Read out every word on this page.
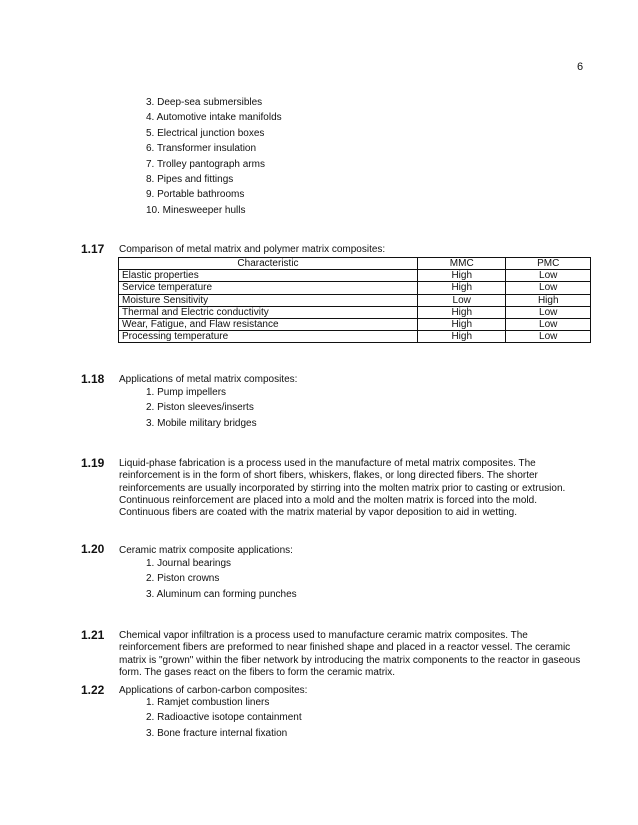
6
3. Deep-sea submersibles
4. Automotive intake manifolds
5. Electrical junction boxes
6. Transformer insulation
7. Trolley pantograph arms
8. Pipes and fittings
9. Portable bathrooms
10. Minesweeper hulls
1.17 Comparison of metal matrix and polymer matrix composites:
Characteristic	MMC	PMC
Elastic properties	High	Low
Service temperature	High	Low
Moisture Sensitivity	Low	High
Thermal and Electric conductivity	High	Low
Wear, Fatigue, and Flaw resistance	High	Low
Processing temperature	High	Low
1.18 Applications of metal matrix composites:
1. Pump impellers
2. Piston sleeves/inserts
3. Mobile military bridges
1.19 Liquid-phase fabrication is a process used in the manufacture of metal matrix composites. The
reinforcement is in the form of short fibers, whiskers, flakes, or long directed fibers. The shorter
reinforcements are usually incorporated by stirring into the molten matrix prior to casting or extrusion.
Continuous reinforcement are placed into a mold and the molten matrix is forced into the mold.
Continuous fibers are coated with the matrix material by vapor deposition to aid in wetting.
1.20 Ceramic matrix composite applications:
1. Journal bearings
2. Piston crowns
3. Aluminum can forming punches
1.21 Chemical vapor infiltration is a process used to manufacture ceramic matrix composites. The
reinforcement fibers are preformed to near finished shape and placed in a reactor vessel. The ceramic
matrix is "grown" within the fiber network by introducing the matrix components to the reactor in gaseous
form. The gases react on the fibers to form the ceramic matrix.
1.22 Applications of carbon-carbon composites:
1. Ramjet combustion liners
2. Radioactive isotope containment
3. Bone fracture internal fixation
